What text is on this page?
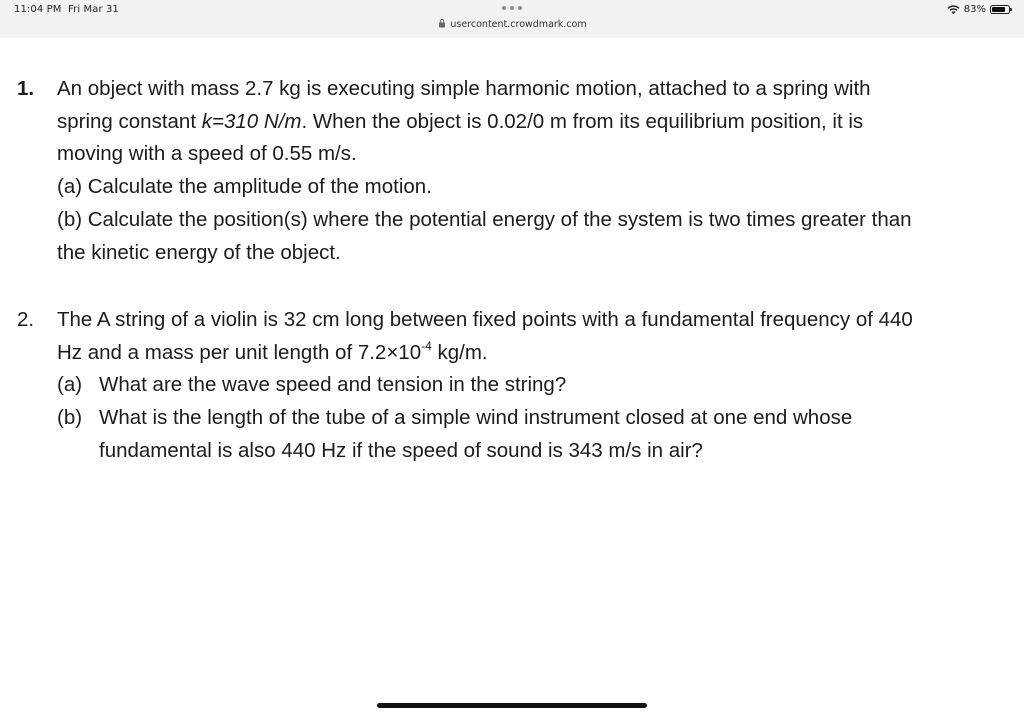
11:04 PM Fri Mar 31
usercontent.crowdmark.com
83%
1.	An object with mass 2.7 kg is executing simple harmonic motion, attached to a spring with
spring constant k=310 N/m. When the object is 0.02/0 m from its equilibrium position, it is
moving with a speed of 0.55 m/s.
(a) Calculate the amplitude of the motion.
(b) Calculate the position(s) where the potential energy of the system is two times greater than
the kinetic energy of the object.
2.	The A string of a violin is 32 cm long between fixed points with a fundamental frequency of 440
Hz and a mass per unit length of $7.2\times 10^{-4}$ kg/m.
(a) What are the wave speed and tension in the string?
(b) What is the length of the tube of a simple wind instrument closed at one end whose
fundamental is also 440 Hz if the speed of sound is 343 m/s in air?
